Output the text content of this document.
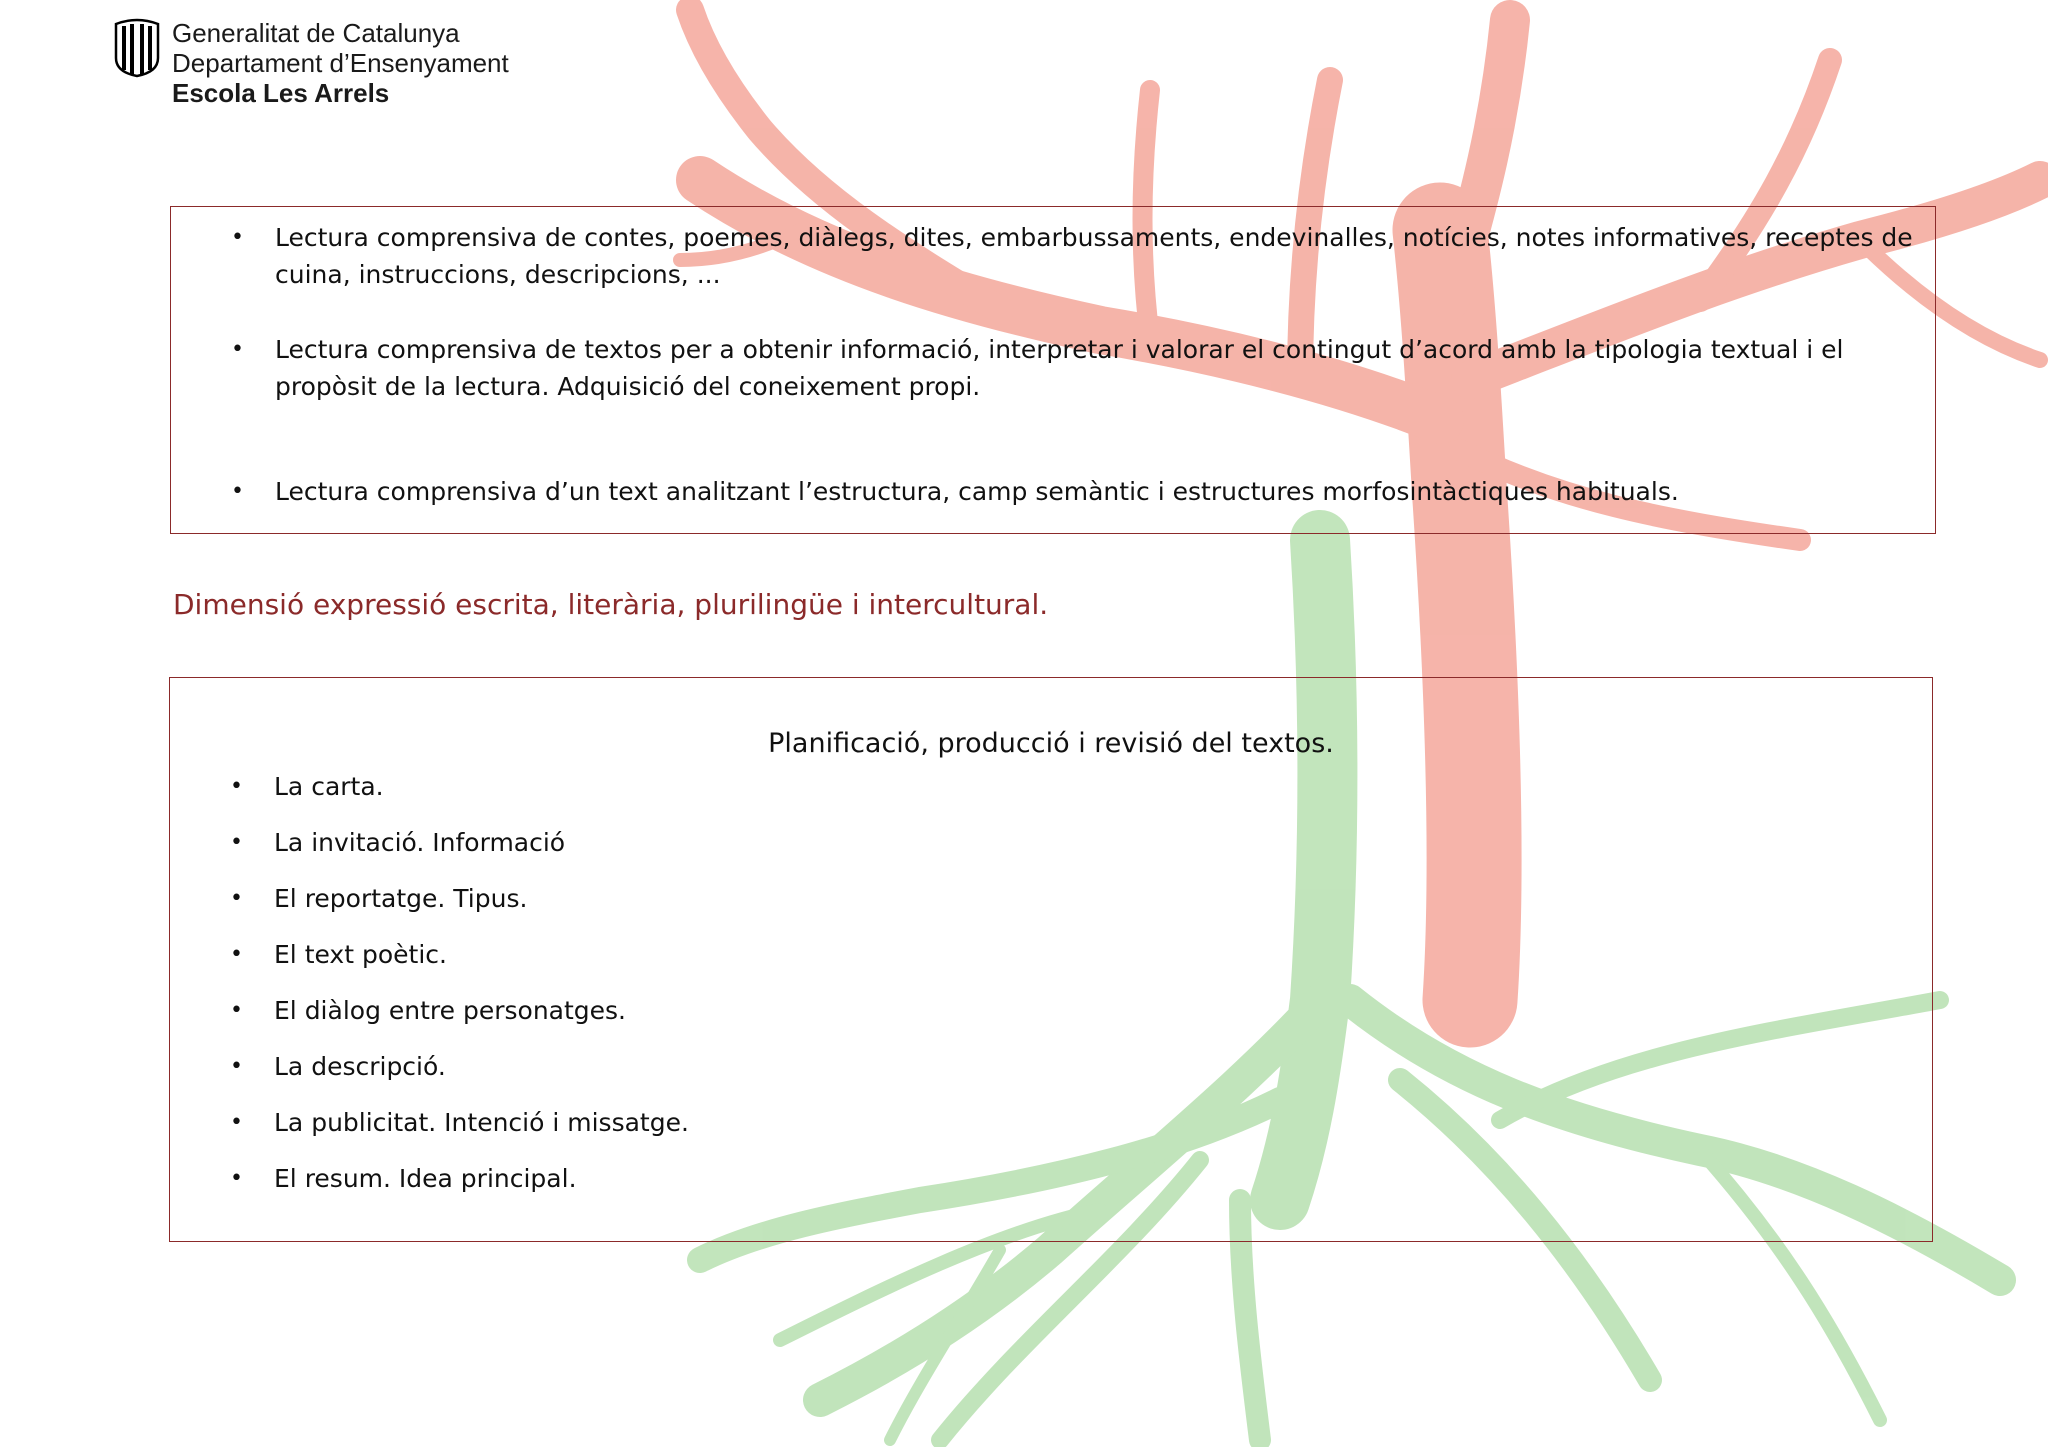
Generalitat de Catalunya
Departament d’Ensenyament
Escola Les Arrels
• Lectura comprensiva de contes, poemes, diàlegs, dites, embarbussaments, endevinalles, notícies, notes informatives, receptes de cuina, instruccions, descripcions, ...
• Lectura comprensiva de textos per a obtenir informació, interpretar i valorar el contingut d’acord amb la tipologia textual i el propòsit de la lectura. Adquisició del coneixement propi.
• Lectura comprensiva d’un text analitzant l’estructura, camp semàntic i estructures morfosintàctiques habituals.
Dimensió expressió escrita, literària, plurilingüe i intercultural.
Planificació, producció i revisió del textos.
• La carta.
• La invitació. Informació
• El reportatge. Tipus.
• El text poètic.
• El diàlog entre personatges.
• La descripció.
• La publicitat. Intenció i missatge.
• El resum. Idea principal.
